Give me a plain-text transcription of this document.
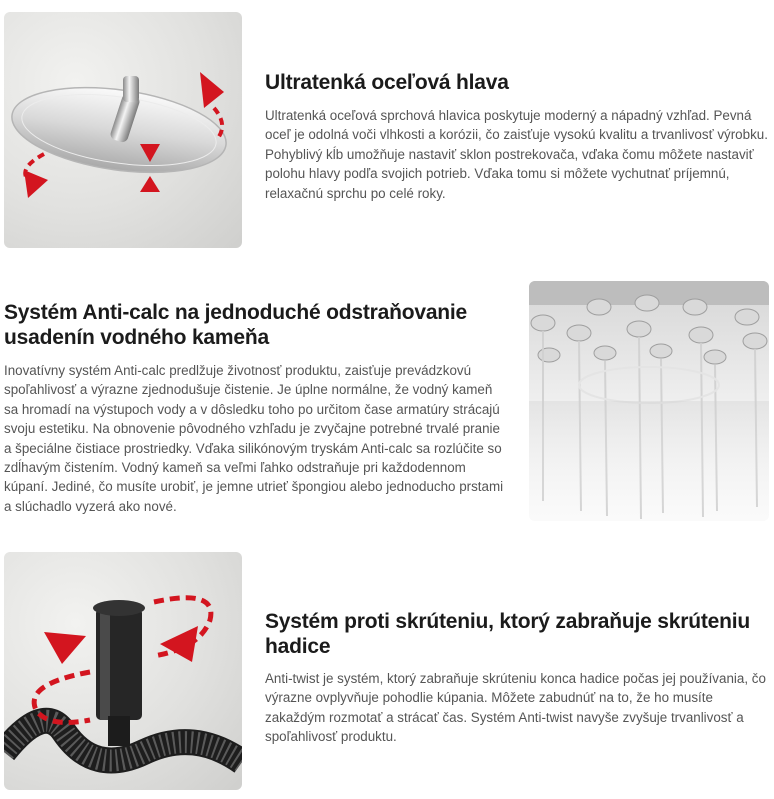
Ultratenká oceľová hlava

Ultratenká oceľová sprchová hlavica poskytuje moderný a nápadný vzhľad. Pevná oceľ je odolná voči vlhkosti a korózii, čo zaisťuje vysokú kvalitu a trvanlivosť výrobku. Pohyblivý kĺb umožňuje nastaviť sklon postrekovača, vďaka čomu môžete nastaviť polohu hlavy podľa svojich potrieb. Vďaka tomu si môžete vychutnať príjemnú, relaxačnú sprchu po celé roky.

Systém Anti-calc na jednoduché odstraňovanie usadenín vodného kameňa

Inovatívny systém Anti-calc predlžuje životnosť produktu, zaisťuje prevádzkovú spoľahlivosť a výrazne zjednodušuje čistenie. Je úplne normálne, že vodný kameň sa hromadí na výstupoch vody a v dôsledku toho po určitom čase armatúry strácajú svoju estetiku. Na obnovenie pôvodného vzhľadu je zvyčajne potrebné trvalé pranie a špeciálne čistiace prostriedky. Vďaka silikónovým tryskám Anti-calc sa rozlúčite so zdĺhavým čistením. Vodný kameň sa veľmi ľahko odstraňuje pri každodennom kúpaní. Jediné, čo musíte urobiť, je jemne utrieť špongiou alebo jednoducho prstami a slúchadlo vyzerá ako nové.

Systém proti skrúteniu, ktorý zabraňuje skrúteniu hadice

Anti-twist je systém, ktorý zabraňuje skrúteniu konca hadice počas jej používania, čo výrazne ovplyvňuje pohodlie kúpania. Môžete zabudnúť na to, že ho musíte zakaždým rozmotať a strácať čas. Systém Anti-twist navyše zvyšuje trvanlivosť a spoľahlivosť produktu.
